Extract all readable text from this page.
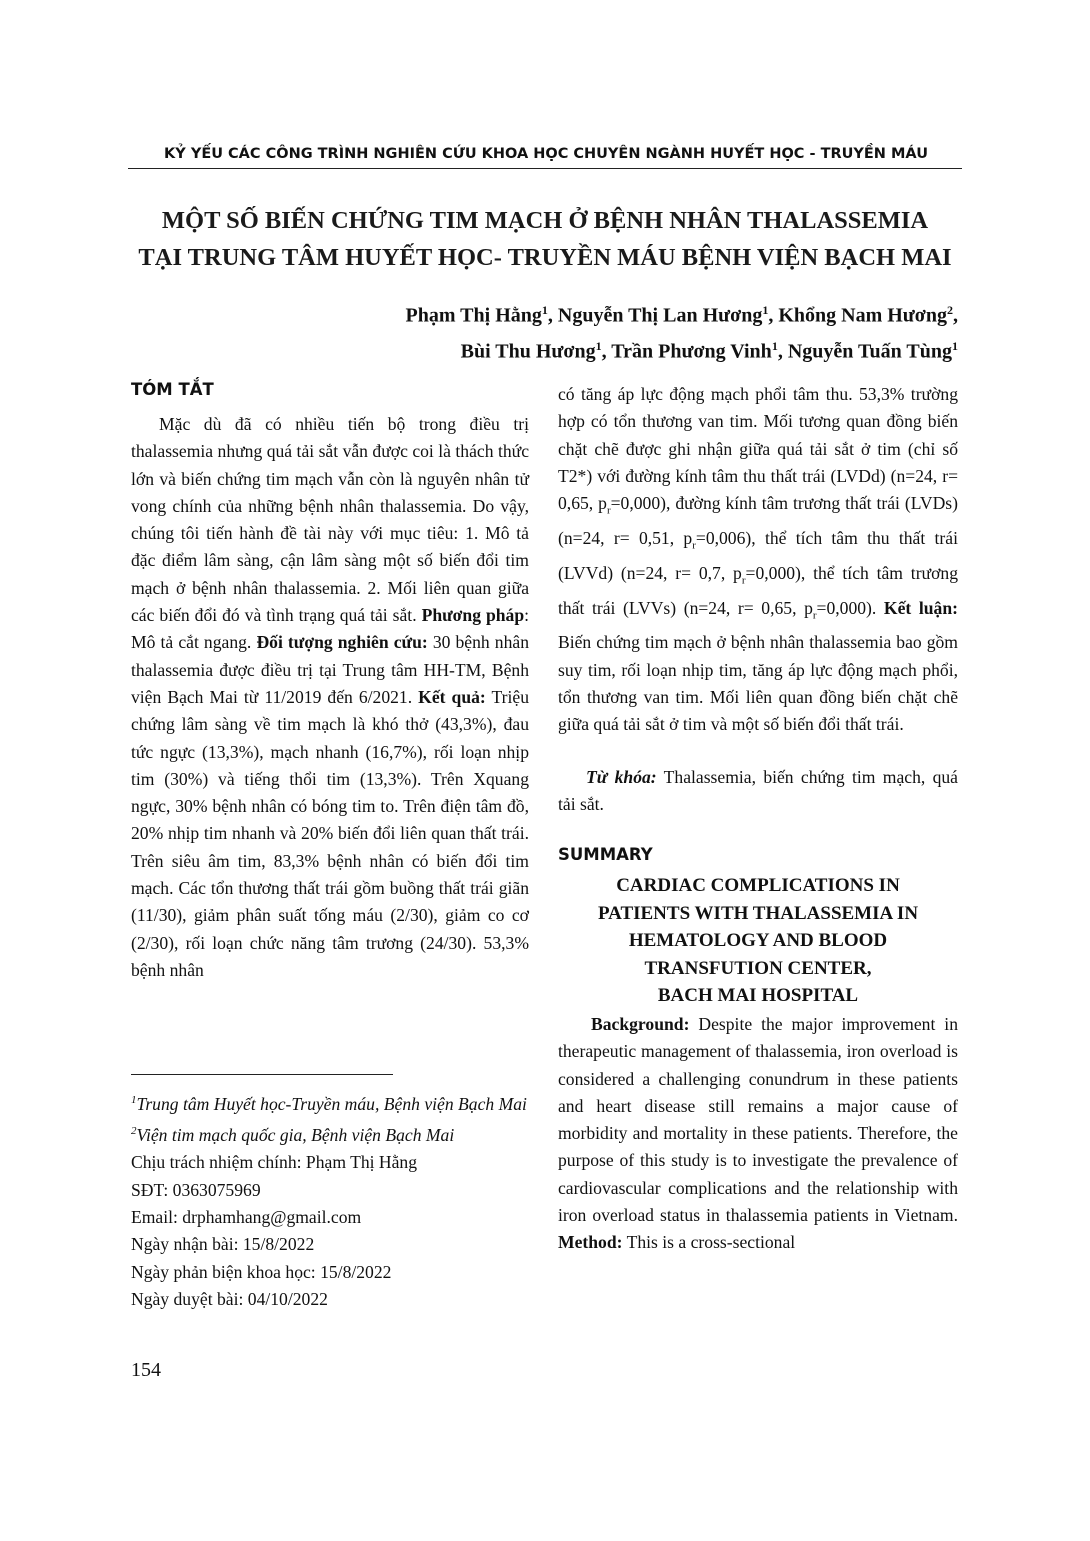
KỶ YẾU CÁC CÔNG TRÌNH NGHIÊN CỨU KHOA HỌC CHUYÊN NGÀNH HUYẾT HỌC - TRUYỀN MÁU
MỘT SỐ BIẾN CHỨNG TIM MẠCH Ở BỆNH NHÂN THALASSEMIA
TẠI TRUNG TÂM HUYẾT HỌC- TRUYỀN MÁU BỆNH VIỆN BẠCH MAI
Phạm Thị Hằng$^1$, Nguyễn Thị Lan Hương$^1$, Khổng Nam Hương$^2$,
Bùi Thu Hương$^1$, Trần Phương Vinh$^1$, Nguyễn Tuấn Tùng$^1$
TÓM TẮT

Mặc dù đã có nhiều tiến bộ trong điều trị thalassemia nhưng quá tải sắt vẫn được coi là thách thức lớn và biến chứng tim mạch vẫn còn là nguyên nhân tử vong chính của những bệnh nhân thalassemia. Do vậy, chúng tôi tiến hành đề tài này với mục tiêu: 1. Mô tả đặc điểm lâm sàng, cận lâm sàng một số biến đổi tim mạch ở bệnh nhân thalassemia. 2. Mối liên quan giữa các biến đổi đó và tình trạng quá tải sắt. Phương pháp: Mô tả cắt ngang. Đối tượng nghiên cứu: 30 bệnh nhân thalassemia được điều trị tại Trung tâm HH-TM, Bệnh viện Bạch Mai từ 11/2019 đến 6/2021. Kết quả: Triệu chứng lâm sàng về tim mạch là khó thở (43,3%), đau tức ngực (13,3%), mạch nhanh (16,7%), rối loạn nhịp tim (30%) và tiếng thổi tim (13,3%). Trên Xquang ngực, 30% bệnh nhân có bóng tim to. Trên điện tâm đồ, 20% nhịp tim nhanh và 20% biến đổi liên quan thất trái. Trên siêu âm tim, 83,3% bệnh nhân có biến đổi tim mạch. Các tổn thương thất trái gồm buồng thất trái giãn (11/30), giảm phân suất tống máu (2/30), giảm co cơ (2/30), rối loạn chức năng tâm trương (24/30). 53,3% bệnh nhân

có tăng áp lực động mạch phổi tâm thu. 53,3% trường hợp có tổn thương van tim. Mối tương quan đồng biến chặt chẽ được ghi nhận giữa quá tải sắt ở tim (chỉ số T2*) với đường kính tâm thu thất trái (LVDd) (n=24, r= 0,65, $p_r=0,000$), đường kính tâm trương thất trái (LVDs) (n=24, r= 0,51, $p_r=0,006$), thể tích tâm thu thất trái (LVVd) (n=24, r= 0,7, $p_r=0,000$), thể tích tâm trương thất trái (LVVs) (n=24, r= 0,65, $p_r=0,000$). Kết luận: Biến chứng tim mạch ở bệnh nhân thalassemia bao gồm suy tim, rối loạn nhịp tim, tăng áp lực động mạch phổi, tổn thương van tim. Mối liên quan đồng biến chặt chẽ giữa quá tải sắt ở tim và một số biến đổi thất trái.

Từ khóa: Thalassemia, biến chứng tim mạch, quá tải sắt.

SUMMARY
CARDIAC COMPLICATIONS IN
PATIENTS WITH THALASSEMIA IN
HEMATOLOGY AND BLOOD
TRANSFUTION CENTER,
BACH MAI HOSPITAL

Background: Despite the major improvement in therapeutic management of thalassemia, iron overload is considered a challenging conundrum in these patients and heart disease still remains a major cause of morbidity and mortality in these patients. Therefore, the purpose of this study is to investigate the prevalence of cardiovascular complications and the relationship with iron overload status in thalassemia patients in Vietnam. Method: This is a cross-sectional

$^1$Trung tâm Huyết học-Truyền máu, Bệnh viện Bạch Mai
$^2$Viện tim mạch quốc gia, Bệnh viện Bạch Mai
Chịu trách nhiệm chính: Phạm Thị Hằng
SĐT: 0363075969
Email: drphamhang@gmail.com
Ngày nhận bài: 15/8/2022
Ngày phản biện khoa học: 15/8/2022
Ngày duyệt bài: 04/10/2022
154
